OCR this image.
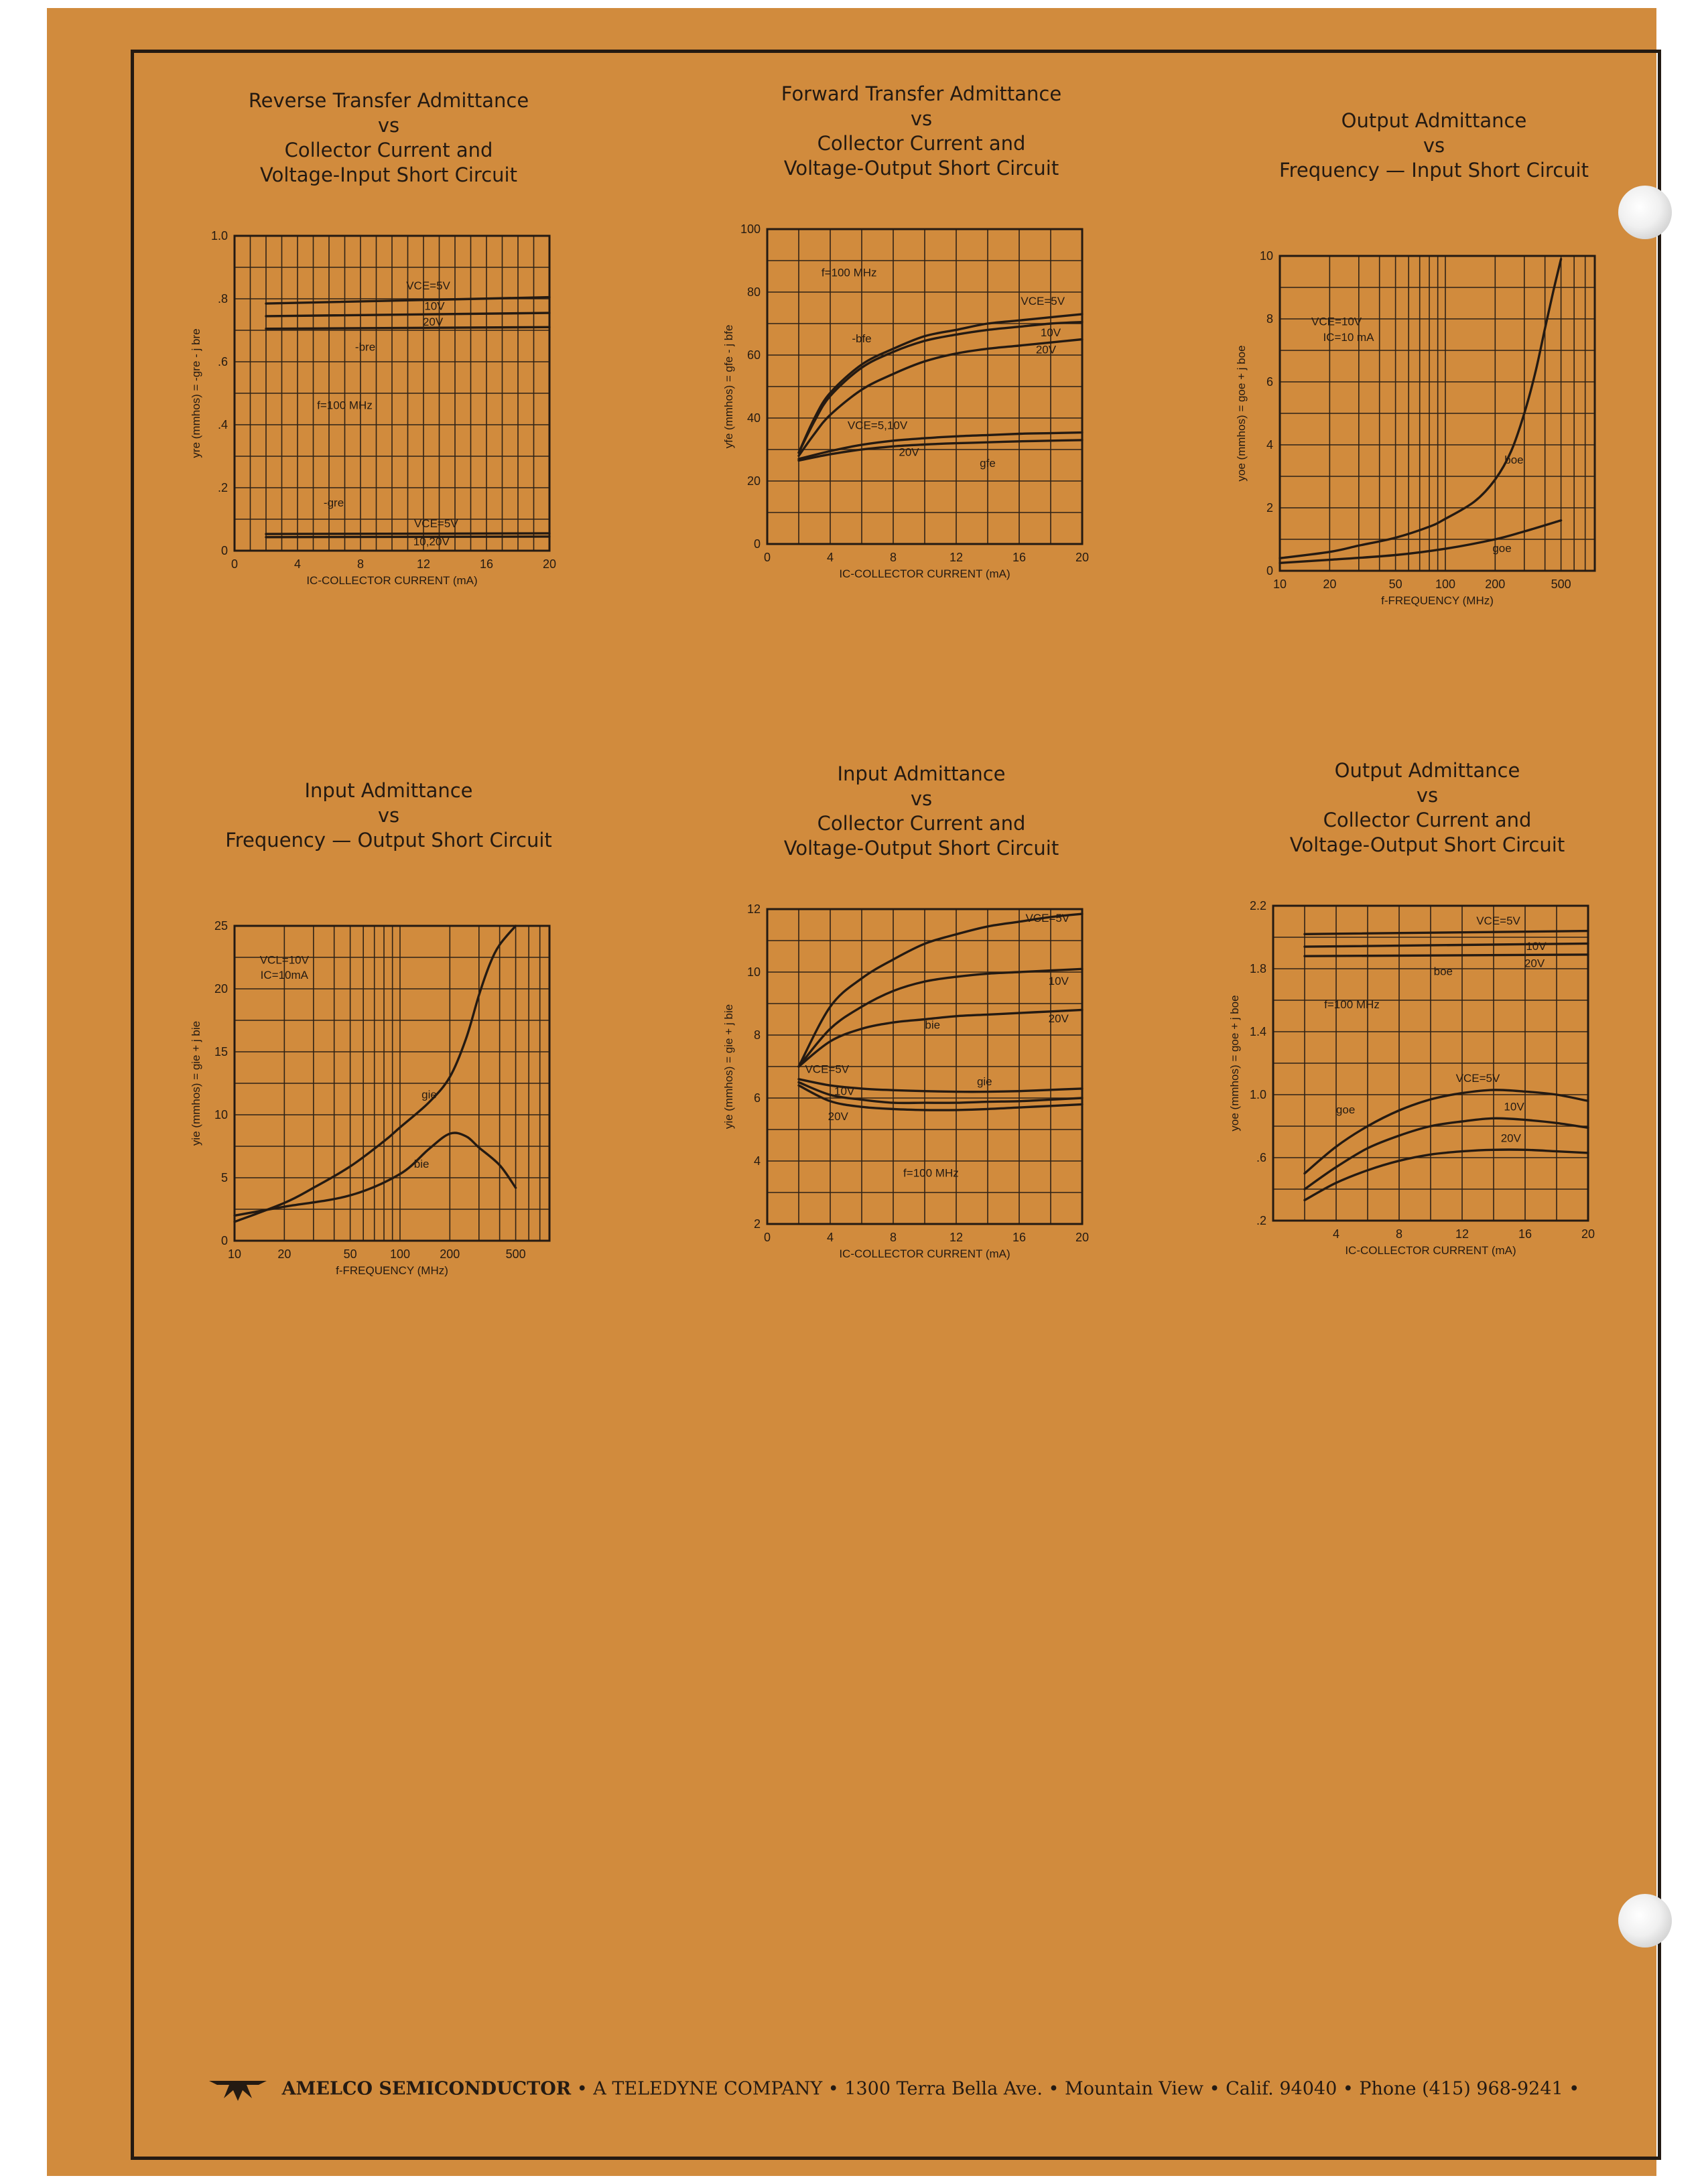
Reverse Transfer Admittance
vs
Collector Current and
Voltage-Input Short Circuit
0	4	8	12	16	20
0
.2
.4
.6
.8
1.0
IC-COLLECTOR CURRENT (mA)
yre (mmhos) = -gre - j bre
VCE=5V
10V
20V
-bre
f=100 MHz
-gre
VCE=5V
10,20V
Forward Transfer Admittance
vs
Collector Current and
Voltage-Output Short Circuit
0	4	8	12	16	20
0
20
40
60
80
100
IC-COLLECTOR CURRENT (mA)
yfe (mmhos) = gfe - j bfe
f=100 MHz
VCE=5V
-bfe	10V
20V
VCE=5,10V
20V
gfe
Output Admittance
vs
Frequency — Input Short Circuit
10	20	50	100 200	500
0
2
4
6
8
10
f-FREQUENCY (MHz)
yoe (mmhos) = goe + j boe
VCE=10V
IC=10 mA
boe
goe
Input Admittance
vs
Frequency — Output Short Circuit
10	20	50	100 200	500
0
5
10
15
20
25
f-FREQUENCY (MHz)
yie (mmhos) = gie + j bie
VCL=10V
IC=10mA
gie
bie
Input Admittance
vs
Collector Current and
Voltage-Output Short Circuit
0	4	8	12	16	20
2
4
6
8
10
12
IC-COLLECTOR CURRENT (mA)
yie (mmhos) = gie + j bie
VCE=5V
10V
20V
bie
VCE=5V
gie
10V
20V
f=100 MHz
Output Admittance
vs
Collector Current and
Voltage-Output Short Circuit
4	8	12	16	20
.2
.6
1.0
1.4
1.8
2.2
IC-COLLECTOR CURRENT (mA)
yoe (mmhos) = goe + j boe
VCE=5V
10V
20V
boe
f=100 MHz
VCE=5V
goe	10V
20V
AMELCO SEMICONDUCTOR • A TELEDYNE COMPANY • 1300 Terra Bella Ave. • Mountain View • Calif. 94040 • Phone (415) 968-9241 •
